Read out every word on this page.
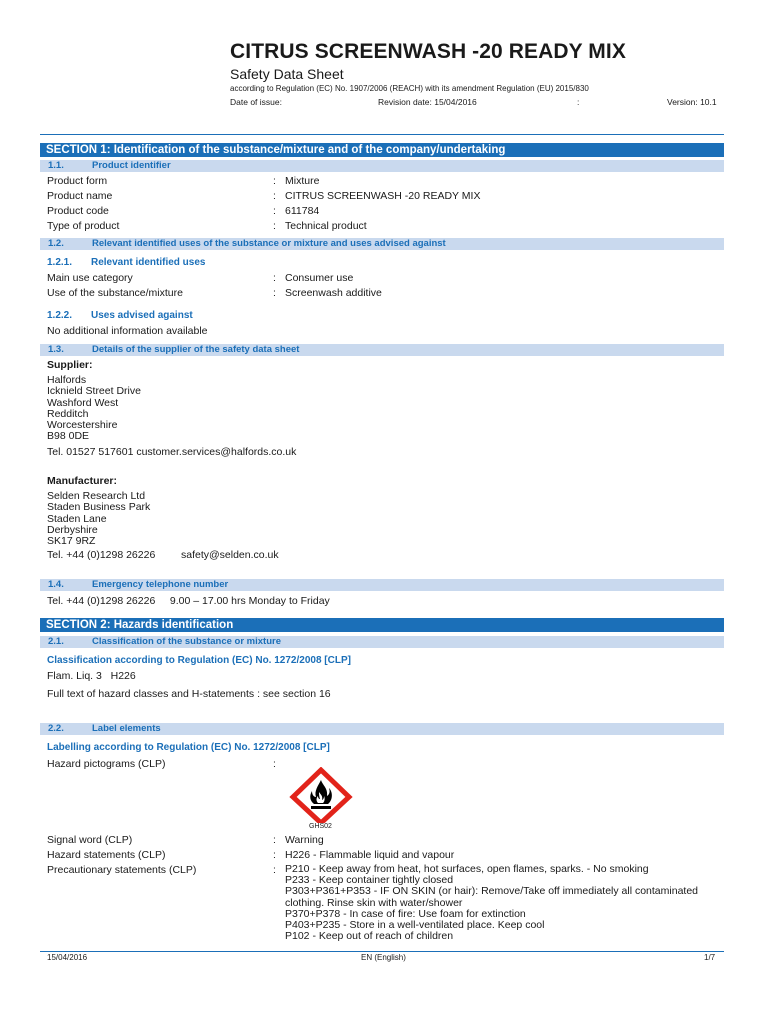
CITRUS SCREENWASH -20 READY MIX
Safety Data Sheet
according to Regulation (EC) No. 1907/2006 (REACH) with its amendment Regulation (EU) 2015/830
Date of issue:	Revision date: 15/04/2016	:	Version: 10.1
SECTION 1: Identification of the substance/mixture and of the company/undertaking
1.1.	Product identifier
Product form	: Mixture
Product name	: CITRUS SCREENWASH -20 READY MIX
Product code	: 611784
Type of product	: Technical product
1.2.	Relevant identified uses of the substance or mixture and uses advised against
1.2.1. Relevant identified uses
Main use category	: Consumer use
Use of the substance/mixture	: Screenwash additive
1.2.2. Uses advised against
No additional information available
1.3.	Details of the supplier of the safety data sheet
Supplier:
Halfords
Icknield Street Drive
Washford West
Redditch
Worcestershire
B98 0DE
Tel. 01527 517601 customer.services@halfords.co.uk
Manufacturer:
Selden Research Ltd
Staden Business Park
Staden Lane
Derbyshire
SK17 9RZ
Tel. +44 (0)1298 26226 safety@selden.co.uk
1.4.	Emergency telephone number
Tel. +44 (0)1298 26226     9.00 – 17.00 hrs Monday to Friday
SECTION 2: Hazards identification
2.1.	Classification of the substance or mixture
Classification according to Regulation (EC) No. 1272/2008 [CLP]
Flam. Liq. 3   H226
Full text of hazard classes and H-statements : see section 16
2.2.	Label elements
Labelling according to Regulation (EC) No. 1272/2008 [CLP]
Hazard pictograms (CLP)	:
GHS02
Signal word (CLP)	: Warning
Hazard statements (CLP)	: H226 - Flammable liquid and vapour
Precautionary statements (CLP)	: P210 - Keep away from heat, hot surfaces, open flames, sparks. - No smoking
P233 - Keep container tightly closed
P303+P361+P353 - IF ON SKIN (or hair): Remove/Take off immediately all contaminated
clothing. Rinse skin with water/shower
P370+P378 - In case of fire: Use foam for extinction
P403+P235 - Store in a well-ventilated place. Keep cool
P102 - Keep out of reach of children
15/04/2016	EN (English)	1/7
